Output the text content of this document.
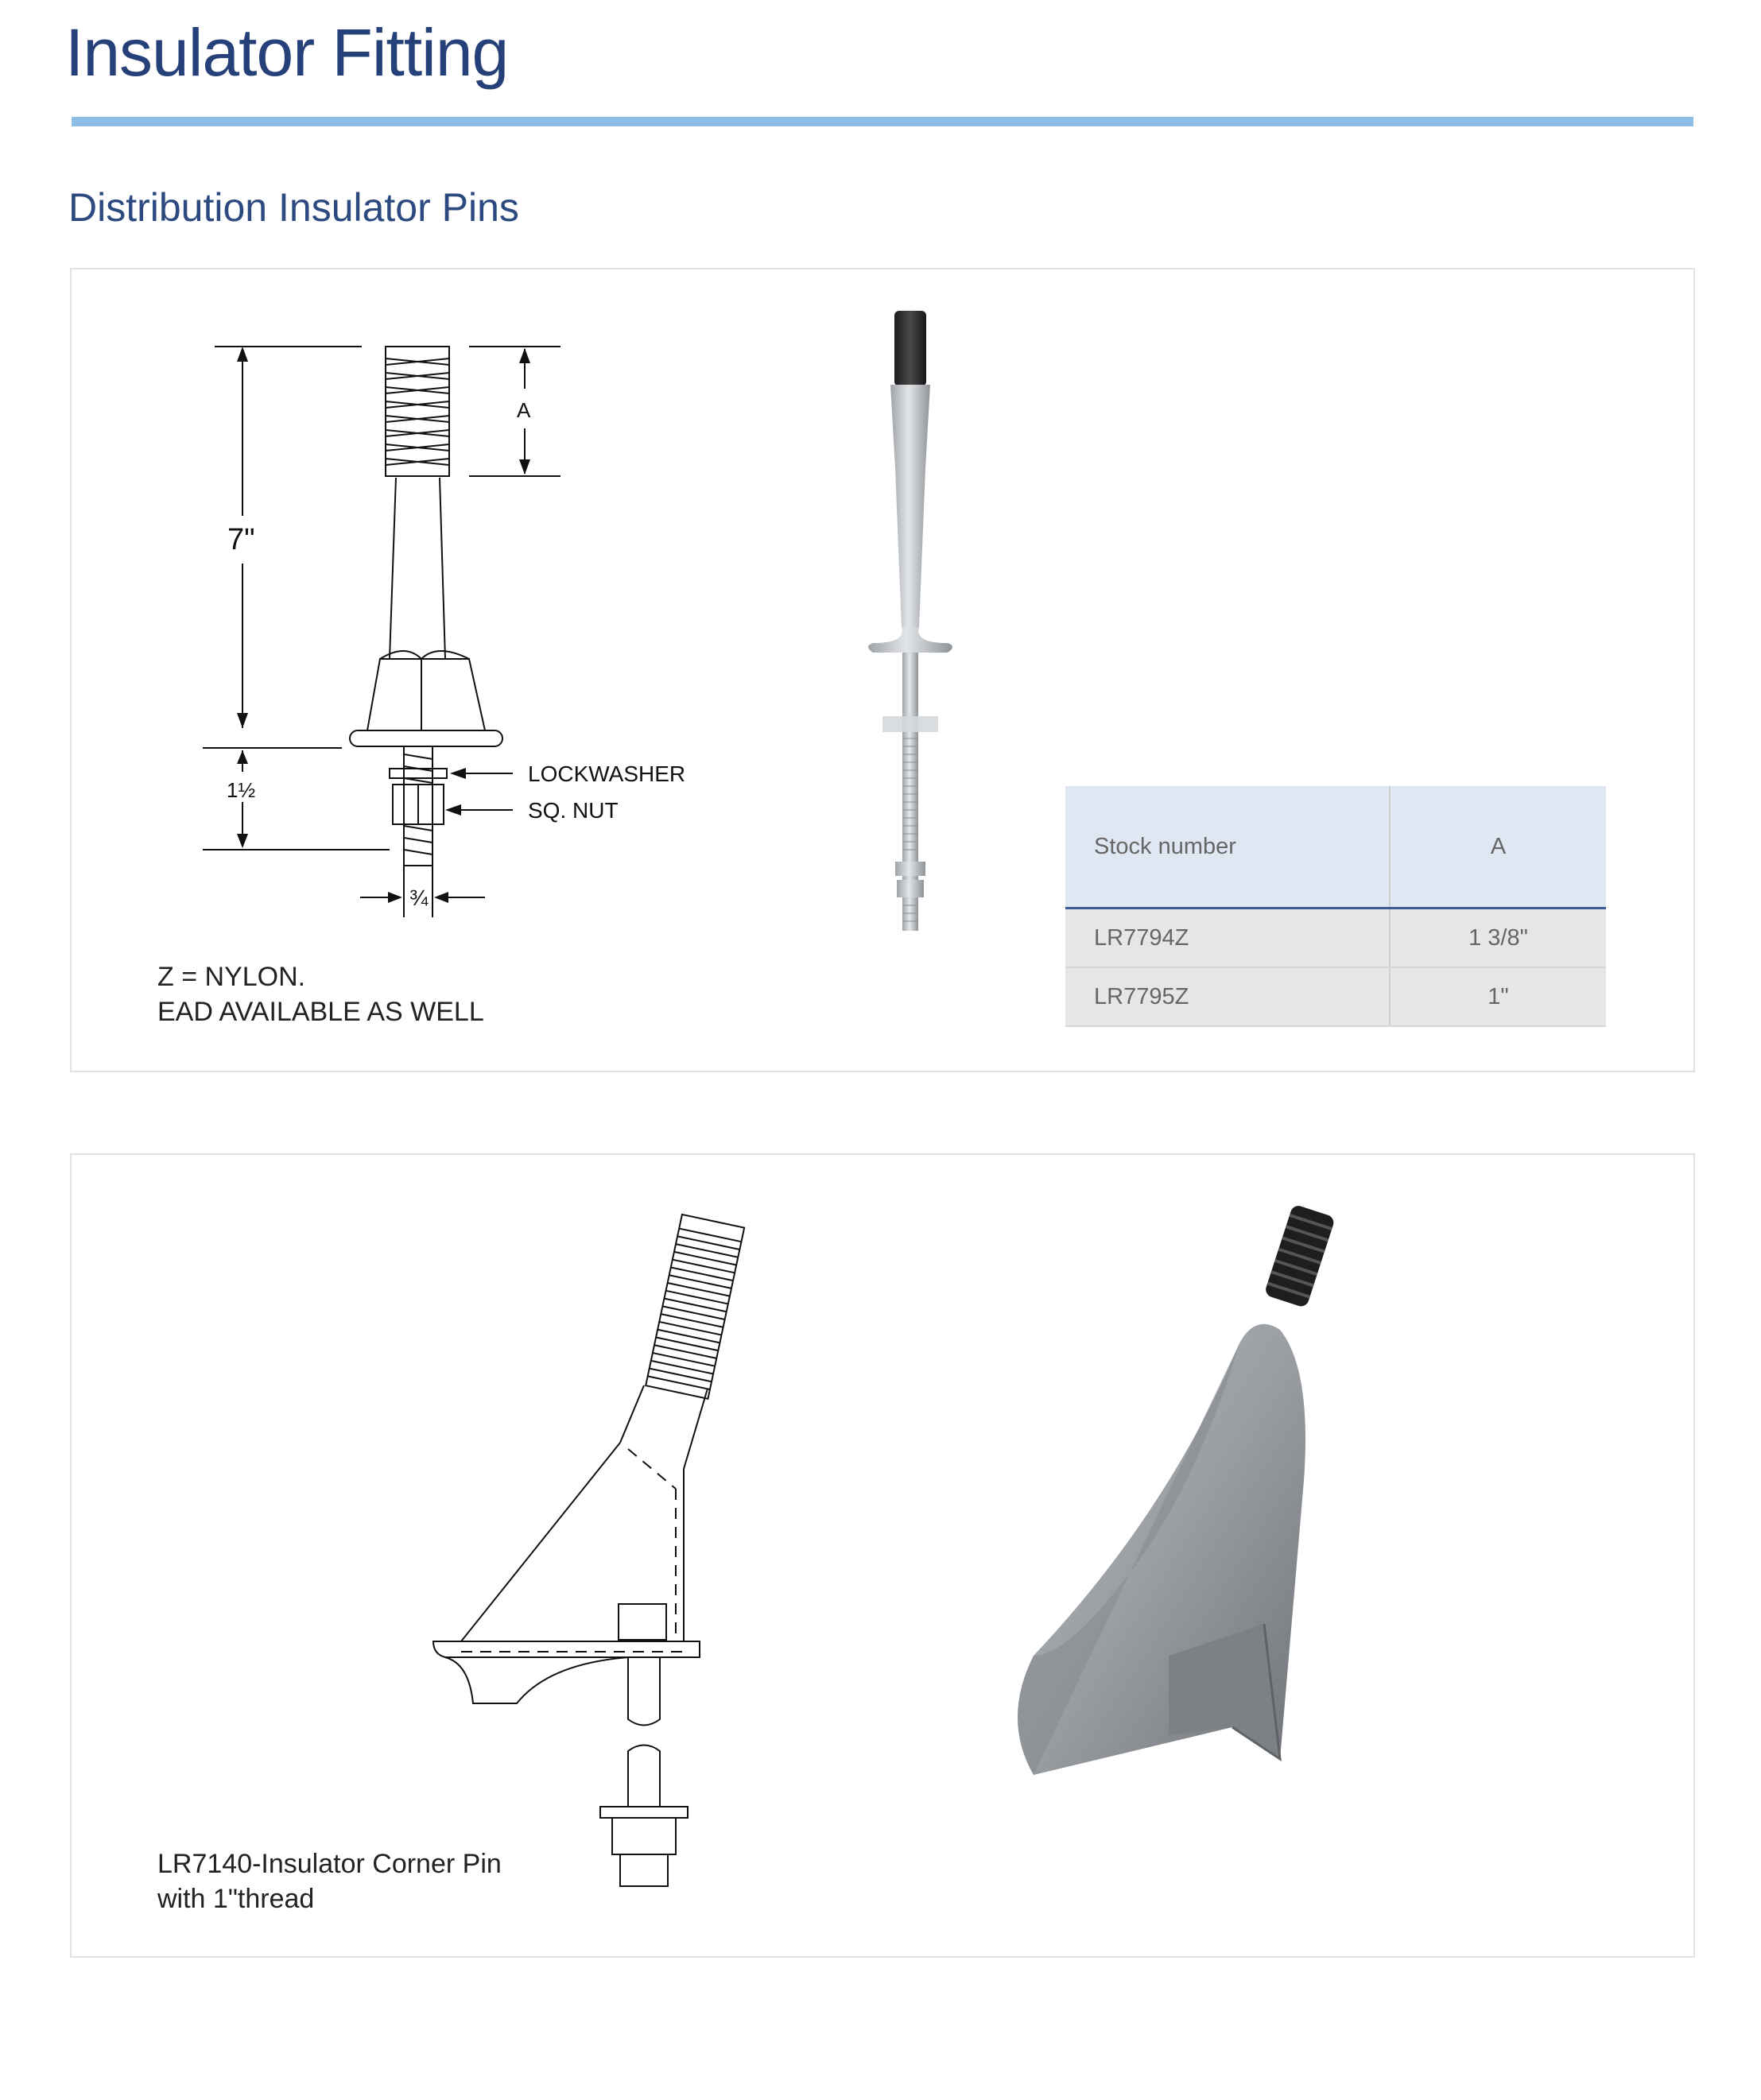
Insulator Fitting
Distribution Insulator Pins
7"
A
1½
¾
LOCKWASHER
SQ. NUT
Z = NYLON.
EAD AVAILABLE AS WELL
Stock number	A
LR7794Z	1 3/8"
LR7795Z	1"
LR7140-Insulator Corner Pin
with 1"thread
